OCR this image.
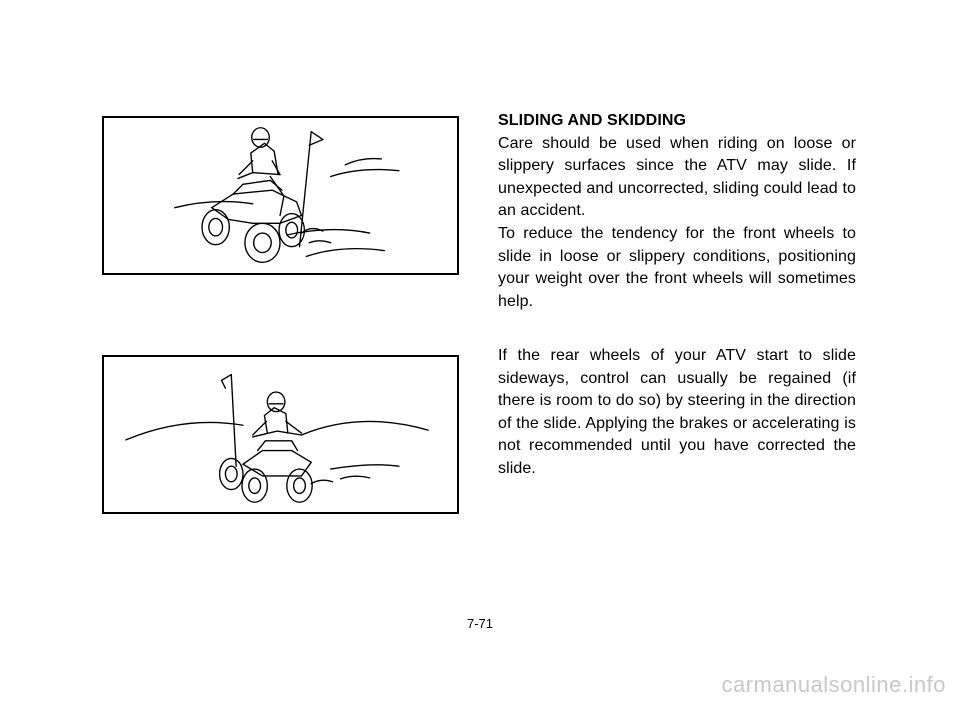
SLIDING AND SKIDDING

Care should be used when riding on loose or slippery surfaces since the ATV may slide. If unexpected and uncorrected, sliding could lead to an accident.

To reduce the tendency for the front wheels to slide in loose or slippery conditions, positioning your weight over the front wheels will sometimes help.

If the rear wheels of your ATV start to slide sideways, control can usually be regained (if there is room to do so) by steering in the direction of the slide. Applying the brakes or accelerating is not recommended until you have corrected the slide.

7-71
carmanualsonline.info
